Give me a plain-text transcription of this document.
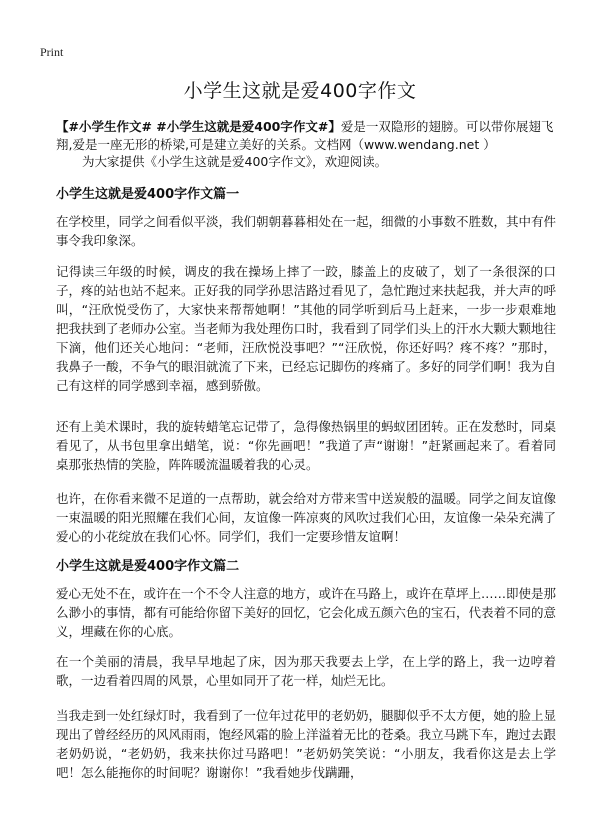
Print
小学生这就是爱400字作文

【#小学生作文# #小学生这就是爱400字作文#】爱是一双隐形的翅膀。可以带你展翅飞翔,爱是一座无形的桥梁,可是建立美好的关系。文档网（www.wendang.net ）
为大家提供《小学生这就是爱400字作文》，欢迎阅读。

小学生这就是爱400字作文篇一

在学校里，同学之间看似平淡，我们朝朝暮暮相处在一起，细微的小事数不胜数，其中有件事令我印象深。

记得读三年级的时候，调皮的我在操场上摔了一跤，膝盖上的皮破了，划了一条很深的口子，疼的站也站不起来。正好我的同学孙思洁路过看见了，急忙跑过来扶起我，并大声的呼叫，“汪欣悦受伤了，大家快来帮帮她啊！”其他的同学听到后马上赶来，一步一步艰难地把我扶到了老师办公室。当老师为我处理伤口时，我看到了同学们头上的汗水大颗大颗地往下滴，他们还关心地问：“老师，汪欣悦没事吧？”“汪欣悦，你还好吗？疼不疼？”那时，我鼻子一酸，不争气的眼泪就流了下来，已经忘记脚伤的疼痛了。多好的同学们啊！我为自己有这样的同学感到幸福，感到骄傲。

还有上美术课时，我的旋转蜡笔忘记带了，急得像热锅里的蚂蚁团团转。正在发愁时，同桌看见了，从书包里拿出蜡笔，说：“你先画吧！”我道了声“谢谢！”赶紧画起来了。看着同桌那张热情的笑脸，阵阵暖流温暖着我的心灵。

也许，在你看来微不足道的一点帮助，就会给对方带来雪中送炭般的温暖。同学之间友谊像一束温暖的阳光照耀在我们心间，友谊像一阵凉爽的风吹过我们心田，友谊像一朵朵充满了爱心的小花绽放在我们心怀。同学们，我们一定要珍惜友谊啊！

小学生这就是爱400字作文篇二

爱心无处不在，或许在一个不令人注意的地方，或许在马路上，或许在草坪上……即使是那么渺小的事情，都有可能给你留下美好的回忆，它会化成五颜六色的宝石，代表着不同的意义，埋藏在你的心底。

在一个美丽的清晨，我早早地起了床，因为那天我要去上学，在上学的路上，我一边哼着歌，一边看着四周的风景，心里如同开了花一样，灿烂无比。

当我走到一处红绿灯时，我看到了一位年过花甲的老奶奶，腿脚似乎不太方便，她的脸上显现出了曾经经历的风风雨雨，饱经风霜的脸上洋溢着无比的苍桑。我立马跳下车，跑过去跟老奶奶说，“老奶奶，我来扶你过马路吧！”老奶奶笑笑说：“小朋友，我看你这是去上学吧！怎么能拖你的时间呢？谢谢你！”我看她步伐蹒跚，
